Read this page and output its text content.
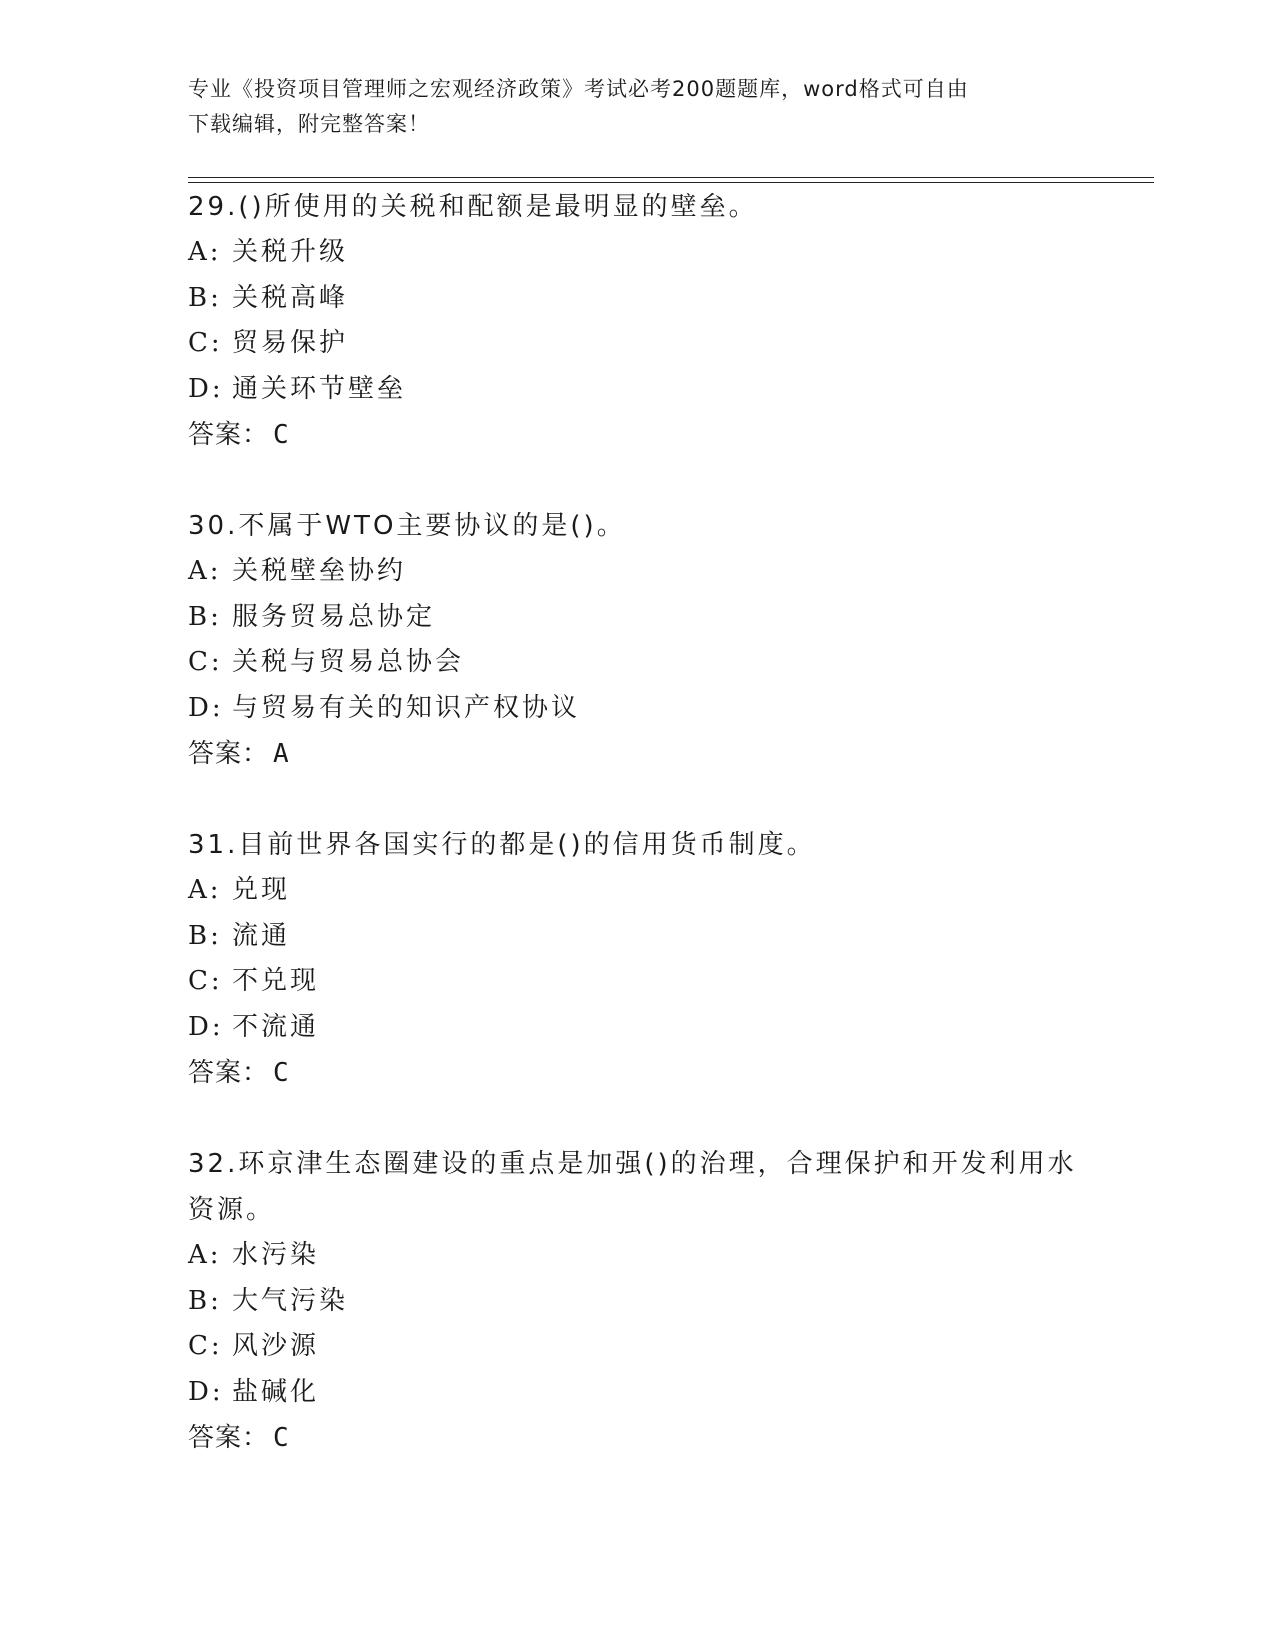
专业《投资项目管理师之宏观经济政策》考试必考200题题库，word格式可自由
下载编辑，附完整答案！
29.()所使用的关税和配额是最明显的壁垒。
A: 关税升级
B: 关税高峰
C: 贸易保护
D: 通关环节壁垒
答案： C
30.不属于WTO主要协议的是()。
A: 关税壁垒协约
B: 服务贸易总协定
C: 关税与贸易总协会
D: 与贸易有关的知识产权协议
答案： A
31.目前世界各国实行的都是()的信用货币制度。
A: 兑现
B: 流通
C: 不兑现
D: 不流通
答案： C
32.环京津生态圈建设的重点是加强()的治理，合理保护和开发利用水
资源。
A: 水污染
B: 大气污染
C: 风沙源
D: 盐碱化
答案： C
